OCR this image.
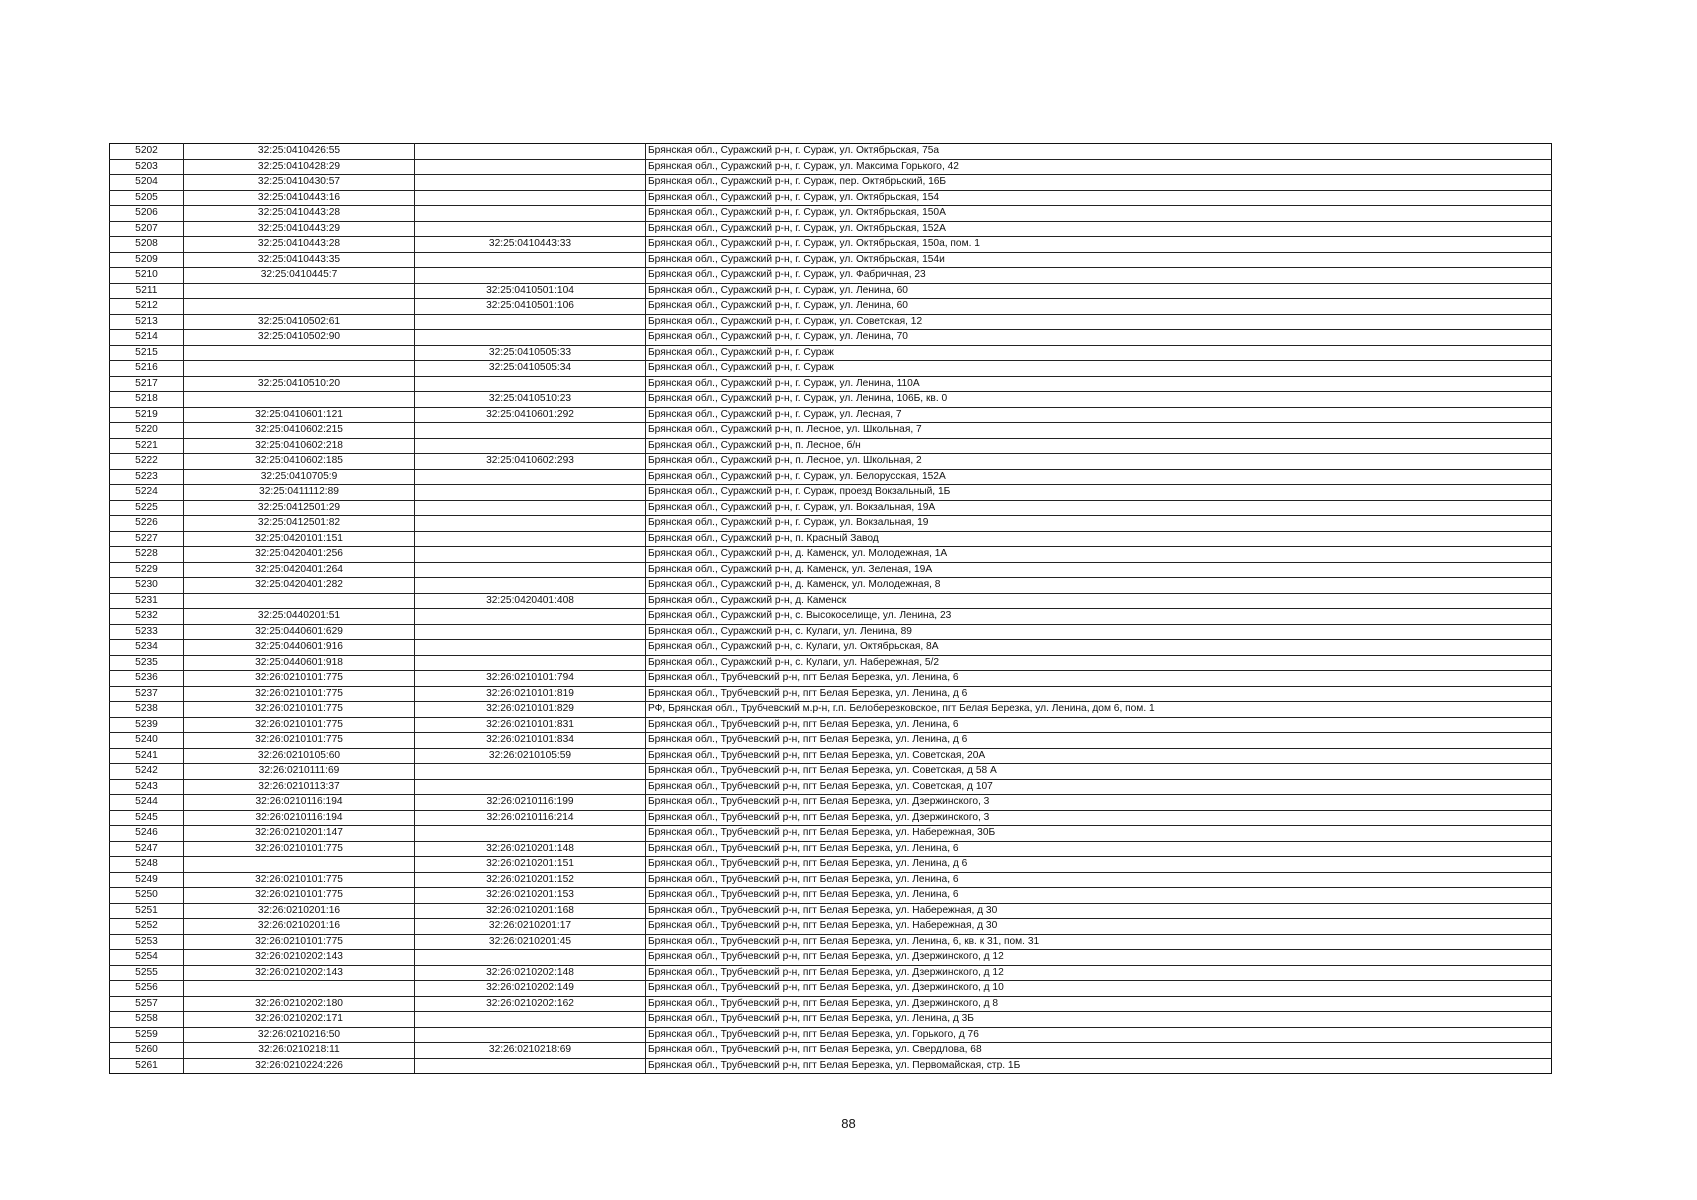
5202	32:25:0410426:55		Брянская обл., Суражский р-н, г. Сураж, ул. Октябрьская, 75а
5203	32:25:0410428:29		Брянская обл., Суражский р-н, г. Сураж, ул. Максима Горького, 42
5204	32:25:0410430:57		Брянская обл., Суражский р-н, г. Сураж, пер. Октябрьский, 16Б
5205	32:25:0410443:16		Брянская обл., Суражский р-н, г. Сураж, ул. Октябрьская, 154
5206	32:25:0410443:28		Брянская обл., Суражский р-н, г. Сураж, ул. Октябрьская, 150А
5207	32:25:0410443:29		Брянская обл., Суражский р-н, г. Сураж, ул. Октябрьская, 152А
5208	32:25:0410443:28	32:25:0410443:33	Брянская обл., Суражский р-н, г. Сураж, ул. Октябрьская, 150а, пом. 1
5209	32:25:0410443:35		Брянская обл., Суражский р-н, г. Сураж, ул. Октябрьская, 154и
5210	32:25:0410445:7		Брянская обл., Суражский р-н, г. Сураж, ул. Фабричная, 23
5211		32:25:0410501:104	Брянская обл., Суражский р-н, г. Сураж, ул. Ленина, 60
5212		32:25:0410501:106	Брянская обл., Суражский р-н, г. Сураж, ул. Ленина, 60
5213	32:25:0410502:61		Брянская обл., Суражский р-н, г. Сураж, ул. Советская, 12
5214	32:25:0410502:90		Брянская обл., Суражский р-н, г. Сураж, ул. Ленина, 70
5215		32:25:0410505:33	Брянская обл., Суражский р-н, г. Сураж
5216		32:25:0410505:34	Брянская обл., Суражский р-н, г. Сураж
5217	32:25:0410510:20		Брянская обл., Суражский р-н, г. Сураж, ул. Ленина, 110А
5218		32:25:0410510:23	Брянская обл., Суражский р-н, г. Сураж, ул. Ленина, 106Б, кв. 0
5219	32:25:0410601:121	32:25:0410601:292	Брянская обл., Суражский р-н, г. Сураж, ул. Лесная, 7
5220	32:25:0410602:215		Брянская обл., Суражский р-н, п. Лесное, ул. Школьная, 7
5221	32:25:0410602:218		Брянская обл., Суражский р-н, п. Лесное, б/н
5222	32:25:0410602:185	32:25:0410602:293	Брянская обл., Суражский р-н, п. Лесное, ул. Школьная, 2
5223	32:25:0410705:9		Брянская обл., Суражский р-н, г. Сураж, ул. Белорусская, 152А
5224	32:25:0411112:89		Брянская обл., Суражский р-н, г. Сураж, проезд Вокзальный, 1Б
5225	32:25:0412501:29		Брянская обл., Суражский р-н, г. Сураж, ул. Вокзальная, 19А
5226	32:25:0412501:82		Брянская обл., Суражский р-н, г. Сураж, ул. Вокзальная, 19
5227	32:25:0420101:151		Брянская обл., Суражский р-н, п. Красный Завод
5228	32:25:0420401:256		Брянская обл., Суражский р-н, д. Каменск, ул. Молодежная, 1А
5229	32:25:0420401:264		Брянская обл., Суражский р-н, д. Каменск, ул. Зеленая, 19А
5230	32:25:0420401:282		Брянская обл., Суражский р-н, д. Каменск, ул. Молодежная, 8
5231		32:25:0420401:408	Брянская обл., Суражский р-н, д. Каменск
5232	32:25:0440201:51		Брянская обл., Суражский р-н, с. Высокоселище, ул. Ленина, 23
5233	32:25:0440601:629		Брянская обл., Суражский р-н, с. Кулаги, ул. Ленина, 89
5234	32:25:0440601:916		Брянская обл., Суражский р-н, с. Кулаги, ул. Октябрьская, 8А
5235	32:25:0440601:918		Брянская обл., Суражский р-н, с. Кулаги, ул. Набережная, 5/2
5236	32:26:0210101:775	32:26:0210101:794	Брянская обл., Трубчевский р-н, пгт Белая Березка, ул. Ленина, 6
5237	32:26:0210101:775	32:26:0210101:819	Брянская обл., Трубчевский р-н, пгт Белая Березка, ул. Ленина, д 6
5238	32:26:0210101:775	32:26:0210101:829	РФ, Брянская обл., Трубчевский м.р-н, г.п. Белоберезковское, пгт Белая Березка, ул. Ленина, дом 6, пом. 1
5239	32:26:0210101:775	32:26:0210101:831	Брянская обл., Трубчевский р-н, пгт Белая Березка, ул. Ленина, 6
5240	32:26:0210101:775	32:26:0210101:834	Брянская обл., Трубчевский р-н, пгт Белая Березка, ул. Ленина, д 6
5241	32:26:0210105:60	32:26:0210105:59	Брянская обл., Трубчевский р-н, пгт Белая Березка, ул. Советская, 20А
5242	32:26:0210111:69		Брянская обл., Трубчевский р-н, пгт Белая Березка, ул. Советская, д 58 А
5243	32:26:0210113:37		Брянская обл., Трубчевский р-н, пгт Белая Березка, ул. Советская, д 107
5244	32:26:0210116:194	32:26:0210116:199	Брянская обл., Трубчевский р-н, пгт Белая Березка, ул. Дзержинского, 3
5245	32:26:0210116:194	32:26:0210116:214	Брянская обл., Трубчевский р-н, пгт Белая Березка, ул. Дзержинского, 3
5246	32:26:0210201:147		Брянская обл., Трубчевский р-н, пгт Белая Березка, ул. Набережная, 30Б
5247	32:26:0210101:775	32:26:0210201:148	Брянская обл., Трубчевский р-н, пгт Белая Березка, ул. Ленина, 6
5248		32:26:0210201:151	Брянская обл., Трубчевский р-н, пгт Белая Березка, ул. Ленина, д 6
5249	32:26:0210101:775	32:26:0210201:152	Брянская обл., Трубчевский р-н, пгт Белая Березка, ул. Ленина, 6
5250	32:26:0210101:775	32:26:0210201:153	Брянская обл., Трубчевский р-н, пгт Белая Березка, ул. Ленина, 6
5251	32:26:0210201:16	32:26:0210201:168	Брянская обл., Трубчевский р-н, пгт Белая Березка, ул. Набережная, д 30
5252	32:26:0210201:16	32:26:0210201:17	Брянская обл., Трубчевский р-н, пгт Белая Березка, ул. Набережная, д 30
5253	32:26:0210101:775	32:26:0210201:45	Брянская обл., Трубчевский р-н, пгт Белая Березка, ул. Ленина, 6, кв. к 31, пом. 31
5254	32:26:0210202:143		Брянская обл., Трубчевский р-н, пгт Белая Березка, ул. Дзержинского, д 12
5255	32:26:0210202:143	32:26:0210202:148	Брянская обл., Трубчевский р-н, пгт Белая Березка, ул. Дзержинского, д 12
5256		32:26:0210202:149	Брянская обл., Трубчевский р-н, пгт Белая Березка, ул. Дзержинского, д 10
5257	32:26:0210202:180	32:26:0210202:162	Брянская обл., Трубчевский р-н, пгт Белая Березка, ул. Дзержинского, д 8
5258	32:26:0210202:171		Брянская обл., Трубчевский р-н, пгт Белая Березка, ул. Ленина, д 3Б
5259	32:26:0210216:50		Брянская обл., Трубчевский р-н, пгт Белая Березка, ул. Горького, д 76
5260	32:26:0210218:11	32:26:0210218:69	Брянская обл., Трубчевский р-н, пгт Белая Березка, ул. Свердлова, 68
5261	32:26:0210224:226		Брянская обл., Трубчевский р-н, пгт Белая Березка, ул. Первомайская, стр. 1Б
88
